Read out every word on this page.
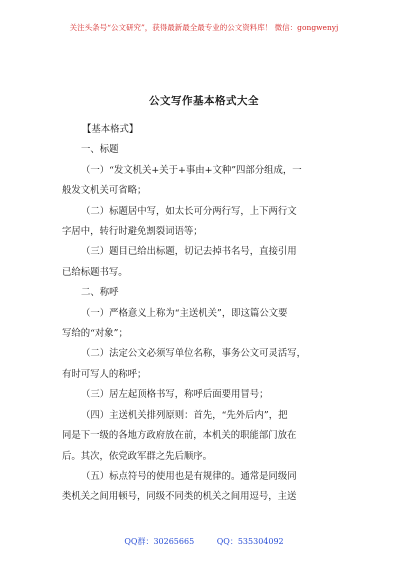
关注头条号“公文研究”，获得最新最全最专业的公文资料库！ 微信：gongwenyj
公文写作基本格式大全

【基本格式】

一、标题

（一）“发文机关+关于+事由+文种”四部分组成，一

般发文机关可省略；

（二）标题居中写，如太长可分两行写，上下两行文

字居中，转行时避免割裂词语等；

（三）题目已给出标题，切记去掉书名号，直接引用

已给标题书写。

二、称呼

（一）严格意义上称为“主送机关”，即这篇公文要

写给的“对象”；

（二）法定公文必须写单位名称，事务公文可灵活写，

有时可写人的称呼；

（三）居左起顶格书写，称呼后面要用冒号；

（四）主送机关排列原则：首先，“先外后内”，把

同是下一级的各地方政府放在前，本机关的职能部门放在

后。其次，依党政军群之先后顺序。

（五）标点符号的使用也是有规律的。通常是同级同

类机关之间用顿号，同级不同类的机关之间用逗号，主送

QQ群：30265665	QQ：535304092
